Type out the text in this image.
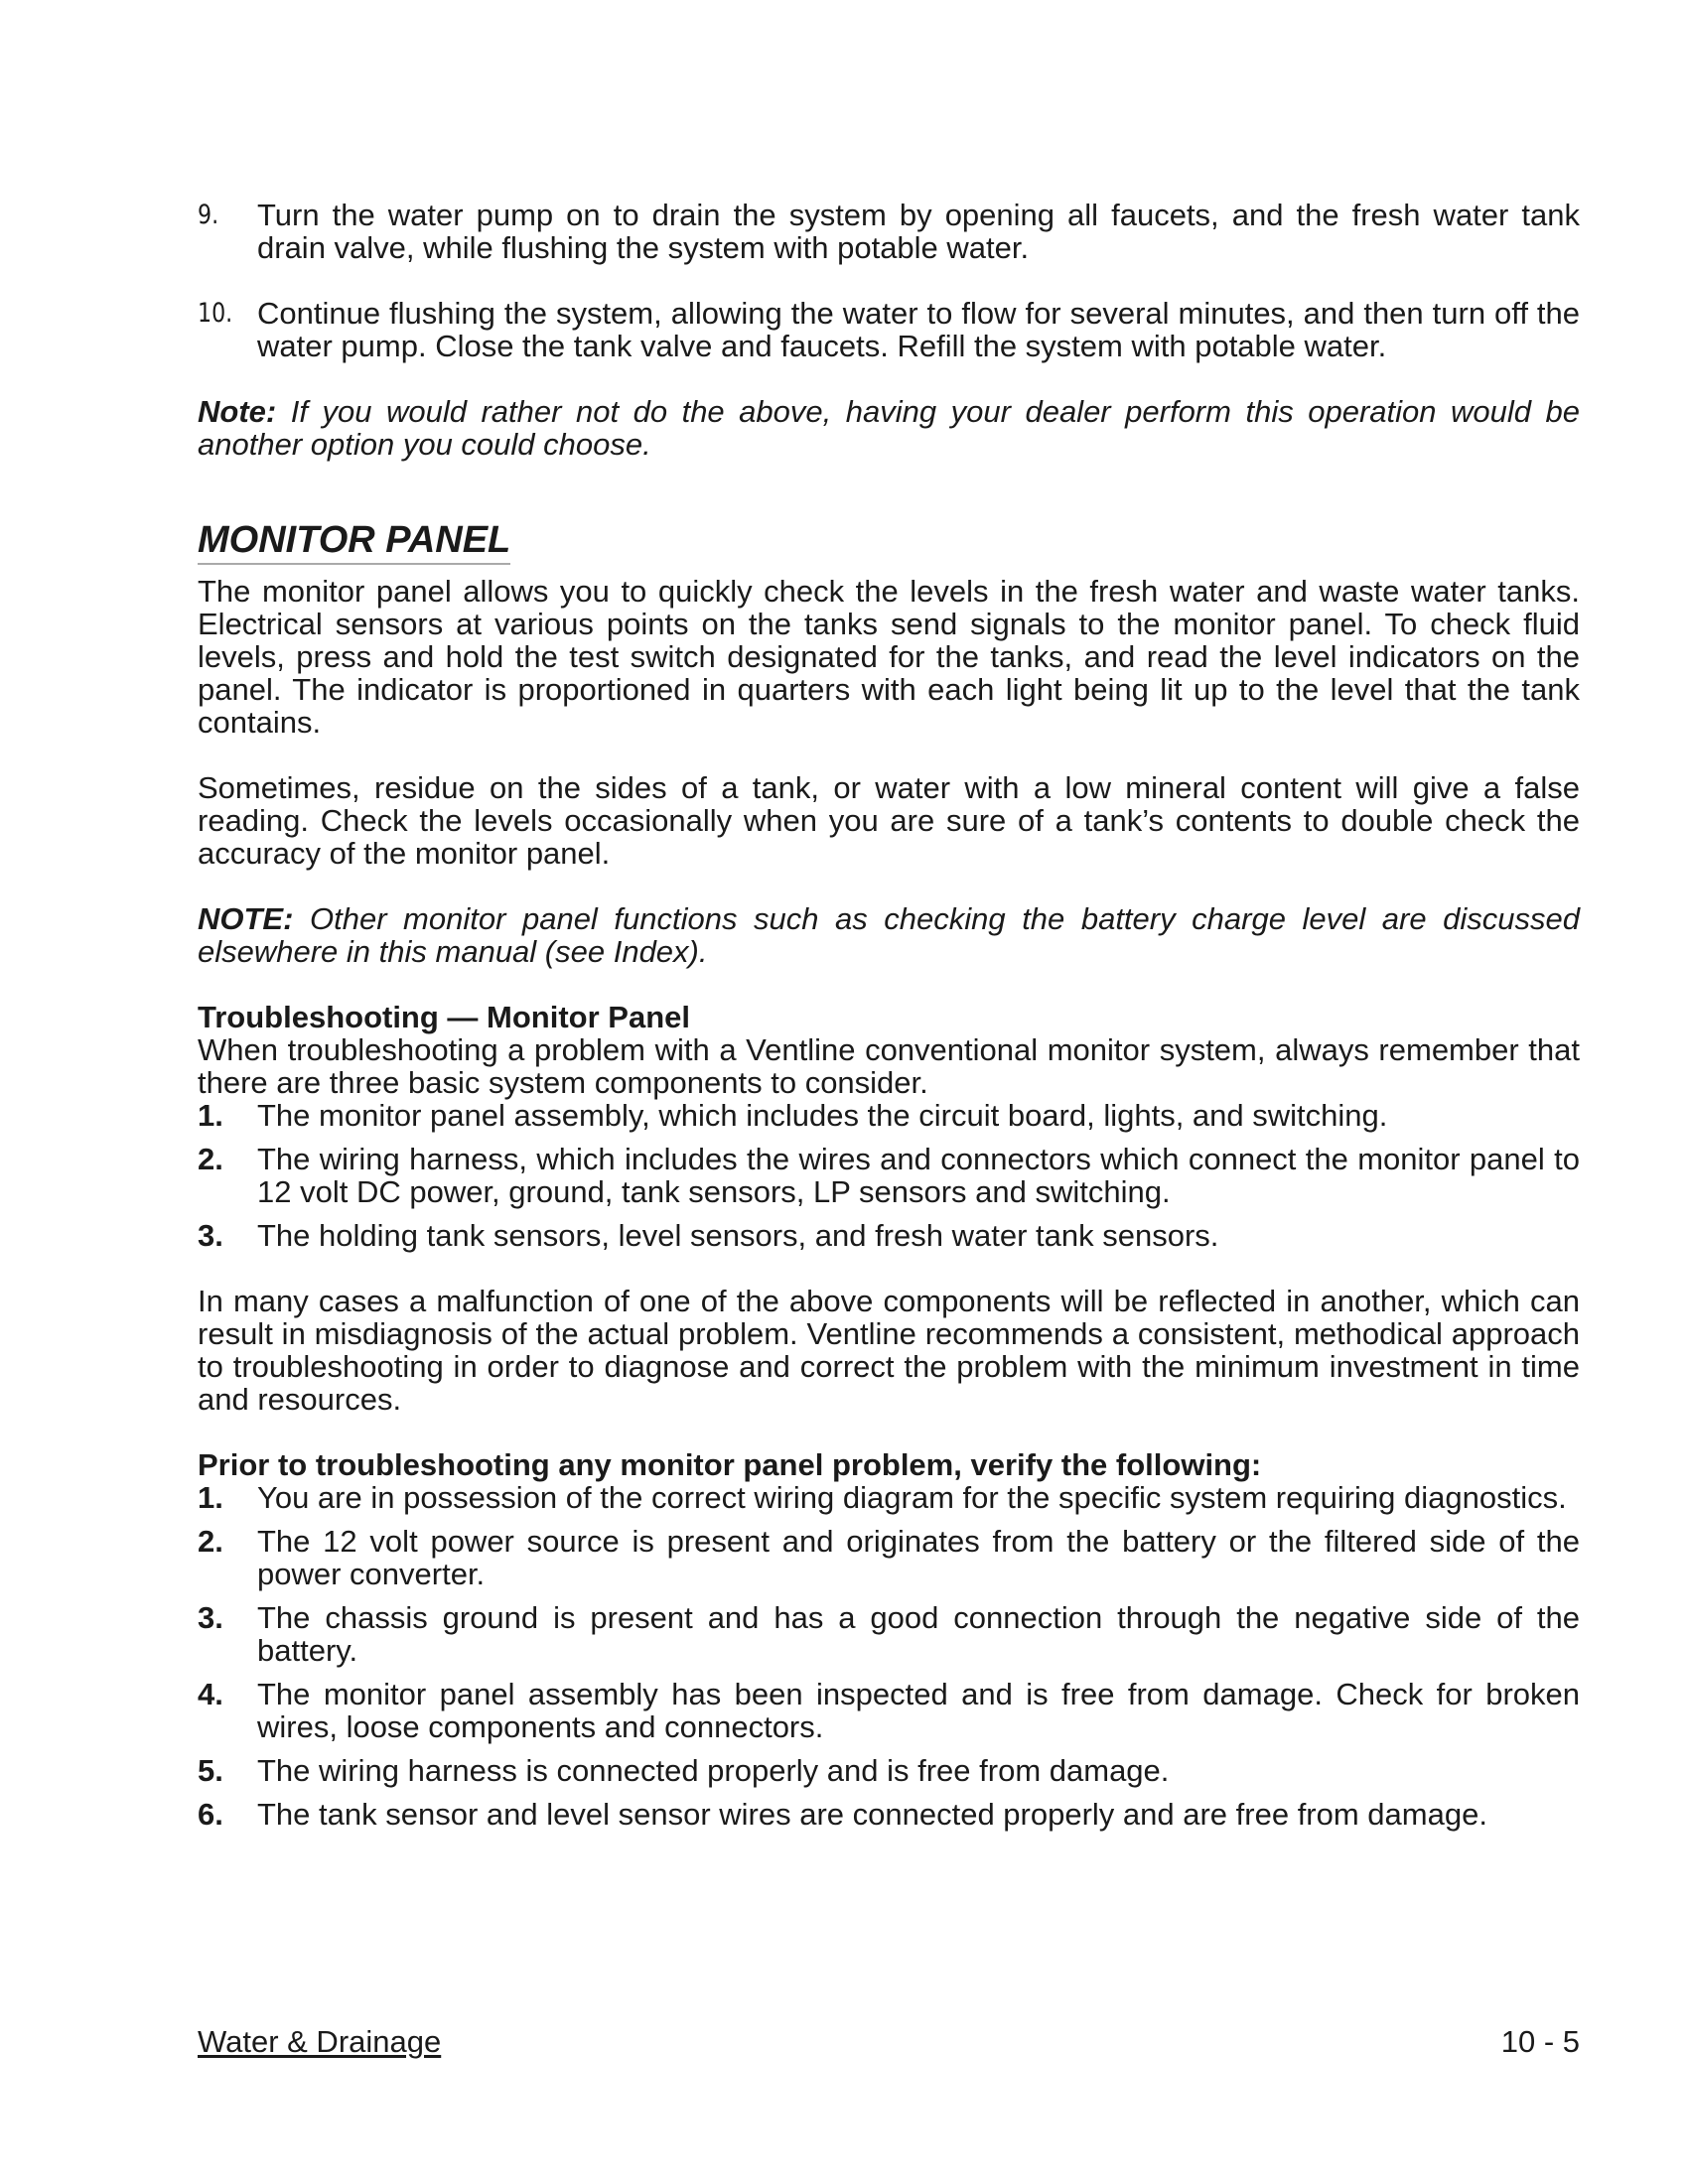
9. Turn the water pump on to drain the system by opening all faucets, and the fresh water tank drain valve, while flushing the system with potable water.
10. Continue flushing the system, allowing the water to flow for several minutes, and then turn off the water pump. Close the tank valve and faucets. Refill the system with potable water.

Note: If you would rather not do the above, having your dealer perform this operation would be another option you could choose.

MONITOR PANEL

The monitor panel allows you to quickly check the levels in the fresh water and waste water tanks. Electrical sensors at various points on the tanks send signals to the monitor panel. To check fluid levels, press and hold the test switch designated for the tanks, and read the level indicators on the panel. The indicator is proportioned in quarters with each light being lit up to the level that the tank contains.

Sometimes, residue on the sides of a tank, or water with a low mineral content will give a false reading. Check the levels occasionally when you are sure of a tank’s contents to double check the accuracy of the monitor panel.

NOTE: Other monitor panel functions such as checking the battery charge level are discussed elsewhere in this manual (see Index).

Troubleshooting — Monitor Panel

When troubleshooting a problem with a Ventline conventional monitor system, always remember that there are three basic system components to consider.

1. The monitor panel assembly, which includes the circuit board, lights, and switching.
2. The wiring harness, which includes the wires and connectors which connect the monitor panel to 12 volt DC power, ground, tank sensors, LP sensors and switching.
3. The holding tank sensors, level sensors, and fresh water tank sensors.

In many cases a malfunction of one of the above components will be reflected in another, which can result in misdiagnosis of the actual problem. Ventline recommends a consistent, methodical approach to troubleshooting in order to diagnose and correct the problem with the minimum investment in time and resources.

Prior to troubleshooting any monitor panel problem, verify the following:

1. You are in possession of the correct wiring diagram for the specific system requiring diagnostics.
2. The 12 volt power source is present and originates from the battery or the filtered side of the power converter.
3. The chassis ground is present and has a good connection through the negative side of the battery.
4. The monitor panel assembly has been inspected and is free from damage. Check for broken wires, loose components and connectors.
5. The wiring harness is connected properly and is free from damage.
6. The tank sensor and level sensor wires are connected properly and are free from damage.
Water & Drainage	10 - 5
